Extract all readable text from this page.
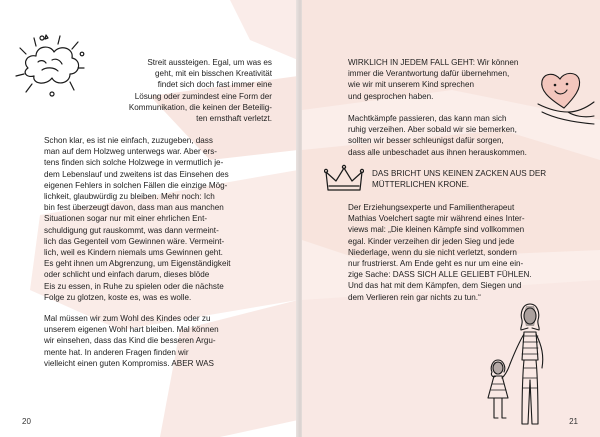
Streit aussteigen. Egal, um was es
geht, mit ein bisschen Kreativität
findet sich doch fast immer eine
Lösung oder zumindest eine Form der
Kommunikation, die keinen der Beteilig-
ten ernsthaft verletzt.

Schon klar, es ist nie einfach, zuzugeben, dass
man auf dem Holzweg unterwegs war. Aber ers-
tens finden sich solche Holzwege in vermutlich je-
dem Lebenslauf und zweitens ist das Einsehen des
eigenen Fehlers in solchen Fällen die einzige Mög-
lichkeit, glaubwürdig zu bleiben. Mehr noch: Ich
bin fest überzeugt davon, dass man aus manchen
Situationen sogar nur mit einer ehrlichen Ent-
schuldigung gut rauskommt, was dann vermeint-
lich das Gegenteil vom Gewinnen wäre. Vermeint-
lich, weil es Kindern niemals ums Gewinnen geht.
Es geht ihnen um Abgrenzung, um Eigenständigkeit
oder schlicht und einfach darum, dieses blöde
Eis zu essen, in Ruhe zu spielen oder die nächste
Folge zu glotzen, koste es, was es wolle.

Mal müssen wir zum Wohl des Kindes oder zu
unserem eigenen Wohl hart bleiben. Mal können
wir einsehen, dass das Kind die besseren Argu-
mente hat. In anderen Fragen finden wir
vielleicht einen guten Kompromiss. ABER WAS

20

WIRKLICH IN JEDEM FALL GEHT: Wir können
immer die Verantwortung dafür übernehmen,
wie wir mit unserem Kind sprechen
und gesprochen haben.

Machtkämpfe passieren, das kann man sich
ruhig verzeihen. Aber sobald wir sie bemerken,
sollten wir besser schleunigst dafür sorgen,
dass alle unbeschadet aus ihnen herauskommen.

DAS BRICHT UNS KEINEN ZACKEN AUS DER
MÜTTERLICHEN KRONE.

Der Erziehungsexperte und Familientherapeut
Mathias Voelchert sagte mir während eines Inter-
views mal: „Die kleinen Kämpfe sind vollkommen
egal. Kinder verzeihen dir jeden Sieg und jede
Niederlage, wenn du sie nicht verletzt, sondern
nur frustrierst. Am Ende geht es nur um eine ein-
zige Sache: DASS SICH ALLE GELIEBT FÜHLEN.
Und das hat mit dem Kämpfen, dem Siegen und
dem Verlieren rein gar nichts zu tun.“

21
